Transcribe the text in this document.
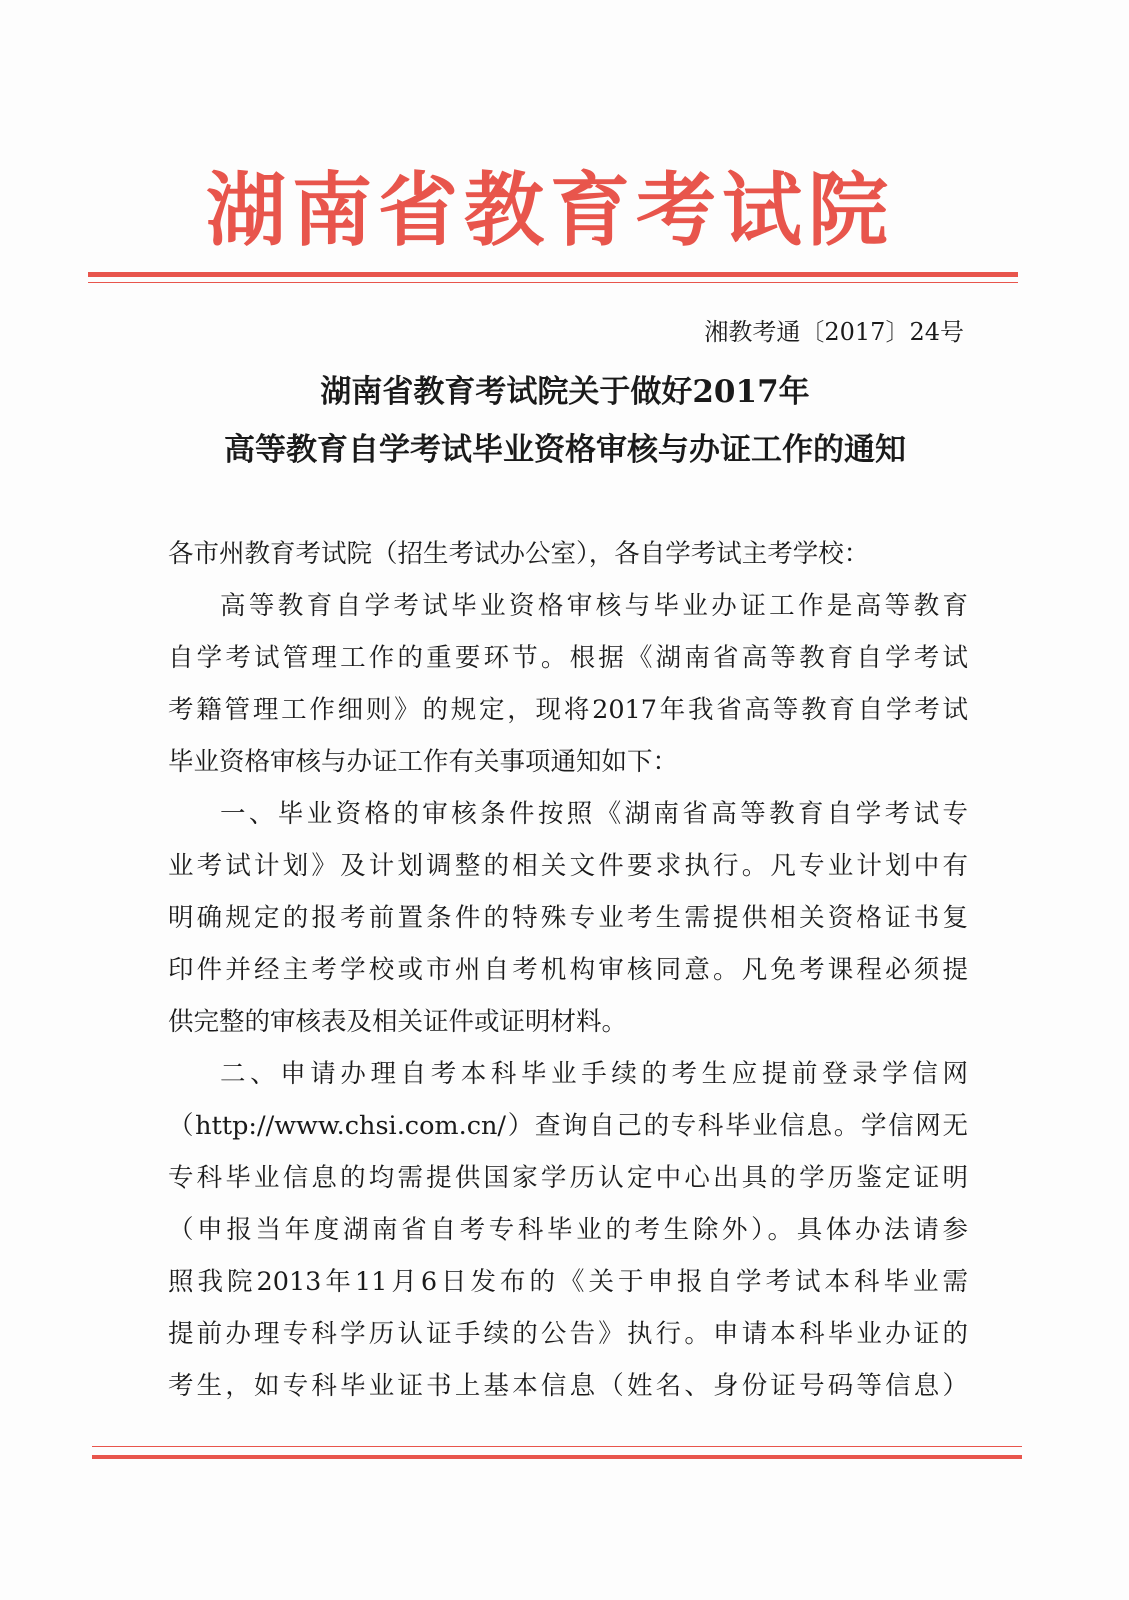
湖南省教育考试院
湘教考通〔2017〕24号
湖南省教育考试院关于做好2017年
高等教育自学考试毕业资格审核与办证工作的通知
各市州教育考试院（招生考试办公室），各自学考试主考学校：
高等教育自学考试毕业资格审核与毕业办证工作是高等教育
自学考试管理工作的重要环节。根据《湖南省高等教育自学考试
考籍管理工作细则》的规定，现将2017年我省高等教育自学考试
毕业资格审核与办证工作有关事项通知如下：
一、毕业资格的审核条件按照《湖南省高等教育自学考试专
业考试计划》及计划调整的相关文件要求执行。凡专业计划中有
明确规定的报考前置条件的特殊专业考生需提供相关资格证书复
印件并经主考学校或市州自考机构审核同意。凡免考课程必须提
供完整的审核表及相关证件或证明材料。
二、申请办理自考本科毕业手续的考生应提前登录学信网
（http://www.chsi.com.cn/）查询自己的专科毕业信息。学信网无
专科毕业信息的均需提供国家学历认定中心出具的学历鉴定证明
（申报当年度湖南省自考专科毕业的考生除外）。具体办法请参
照我院2013年11月6日发布的《关于申报自学考试本科毕业需
提前办理专科学历认证手续的公告》执行。申请本科毕业办证的
考生，如专科毕业证书上基本信息（姓名、身份证号码等信息）
